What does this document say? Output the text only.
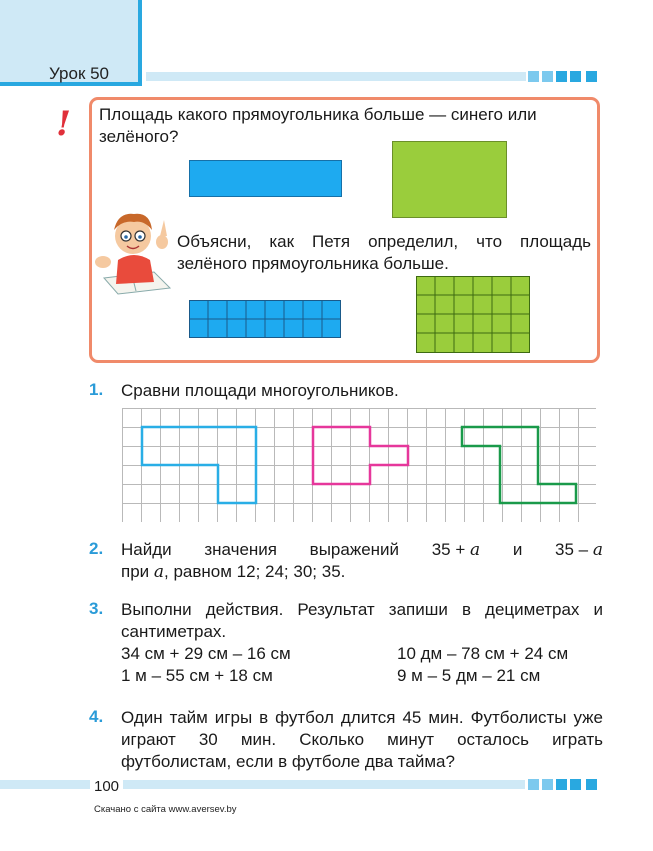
Урок 50
! Площадь какого прямоугольника больше — синего или зелёного?
Объясни, как Петя определил, что площадь зелёного прямоугольника больше.
1. Сравни площади многоугольников.
2. Найди значения выражений 35 + a и 35 – a
при a, равном 12; 24; 30; 35.
3. Выполни действия. Результат запиши в дециметрах и сантиметрах.
34 см + 29 см – 16 см	10 дм – 78 см + 24 см
1 м – 55 см + 18 см	9 м – 5 дм – 21 см
4. Один тайм игры в футбол длится 45 мин. Футболисты уже играют 30 мин. Сколько минут осталось играть футболистам, если в футболе два тайма?
100
Скачано с сайта www.aversev.by
